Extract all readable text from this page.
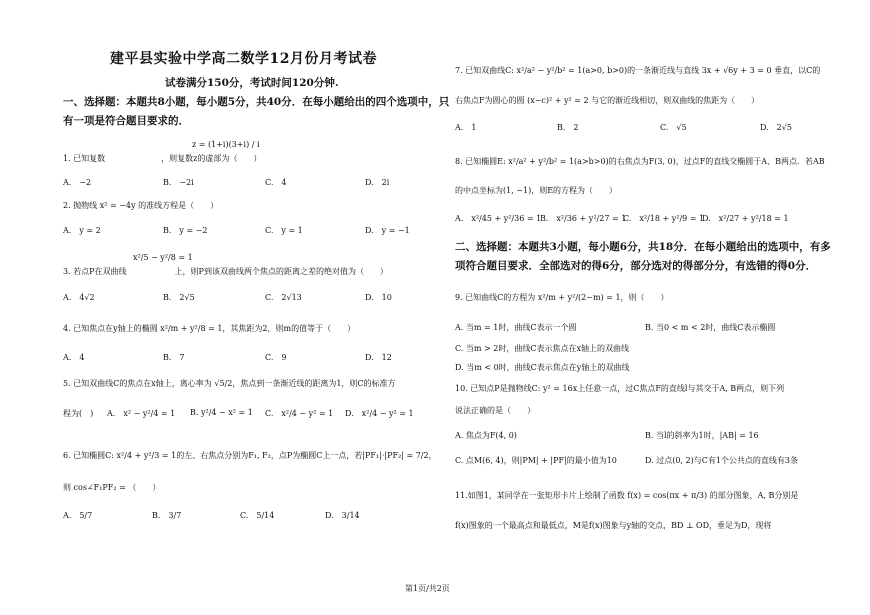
建平县实验中学高二数学12月份月考试卷
试卷满分150分，考试时间120分钟.
一、选择题：本题共8小题，每小题5分，共40分．在每小题给出的四个选项中，只有一项是符合题目要求的．
z = (1+i)(3+i) / i
1. 已知复数　　　　　　　，则复数z的虚部为（　　）
A.　−2	B.　−2i	C.　4	D.　2i
2. 抛物线 x² = −4y 的准线方程是（　　）
A.　y = 2	B.　y = −2	C.　y = 1	D.　y = −1
x²/5 − y²/8 = 1
3. 若点P在双曲线　　　　　　上，则P到该双曲线两个焦点的距离之差的绝对值为（　　）
A.　4√2	B.　2√5	C.　2√13	D.　10
4. 已知焦点在y轴上的椭圆 x²/m + y²/8 = 1，其焦距为2，则m的值等于（　　）
A.　4	B.　7	C.　9	D.　12
5. 已知双曲线C的焦点在x轴上，离心率为 √5/2，焦点到一条渐近线的距离为1，则C的标准方
程为(　) A.　x² − y²/4 = 1 B. y²/4 − x² = 1 C.　x²/4 − y² = 1 D.　x²/4 − y² = 1
6. 已知椭圆C: x²/4 + y²/3 = 1的左、右焦点分别为F₁, F₂，点P为椭圆C上一点，若|PF₁|·|PF₂| = 7/2，
则 cos∠F₁PF₂ = （　　）
A.　5/7	B.　3/7	C.　5/14	D.　3/14
7. 已知双曲线C: x²/a² − y²/b² = 1(a>0, b>0)的一条渐近线与直线 3x + √6y + 3 = 0 垂直，以C的
右焦点F为圆心的圆 (x−c)² + y² = 2 与它的渐近线相切，则双曲线的焦距为（　　）
A.　1	B.　2	C.　√5	D.　2√5
8. 已知椭圆E: x²/a² + y²/b² = 1(a>b>0)的右焦点为F(3, 0)，过点F的直线交椭圆于A、B两点．若AB
的中点坐标为(1, −1)，则E的方程为（　　）
A.　x²/45 + y²/36 = 1
B.　x²/36 + y²/27 = 1
C.　x²/18 + y²/9 = 1
D.　x²/27 + y²/18 = 1
二、选择题：本题共3小题，每小题6分，共18分．在每小题给出的选项中，有多项符合题目要求．全部选对的得6分，部分选对的得部分分，有选错的得0分．
9. 已知曲线C的方程为 x²/m + y²/(2−m) = 1，则（　　）
A. 当m = 1时，曲线C表示一个圆	B. 当0 < m < 2时，曲线C表示椭圆
C. 当m > 2时，曲线C表示焦点在x轴上的双曲线
D. 当m < 0时，曲线C表示焦点在y轴上的双曲线
10. 已知点P是抛物线C: y² = 16x上任意一点，过C焦点F的直线l与其交于A, B两点，则下列
说法正确的是（　　）
A. 焦点为F(4, 0)	B. 当l的斜率为1时，|AB| = 16
C. 点M(6, 4)，则|PM| + |PF|的最小值为10	D. 过点(0, 2)与C有1个公共点的直线有3条
11.如图1，某同学在一张矩形卡片上绘制了函数 f(x) = cos(πx + π/3) 的部分图象，A, B分别是
f(x)图象的一个最高点和最低点，M是f(x)图象与y轴的交点，BD ⊥ OD，垂足为D，现将
第1页/共2页
